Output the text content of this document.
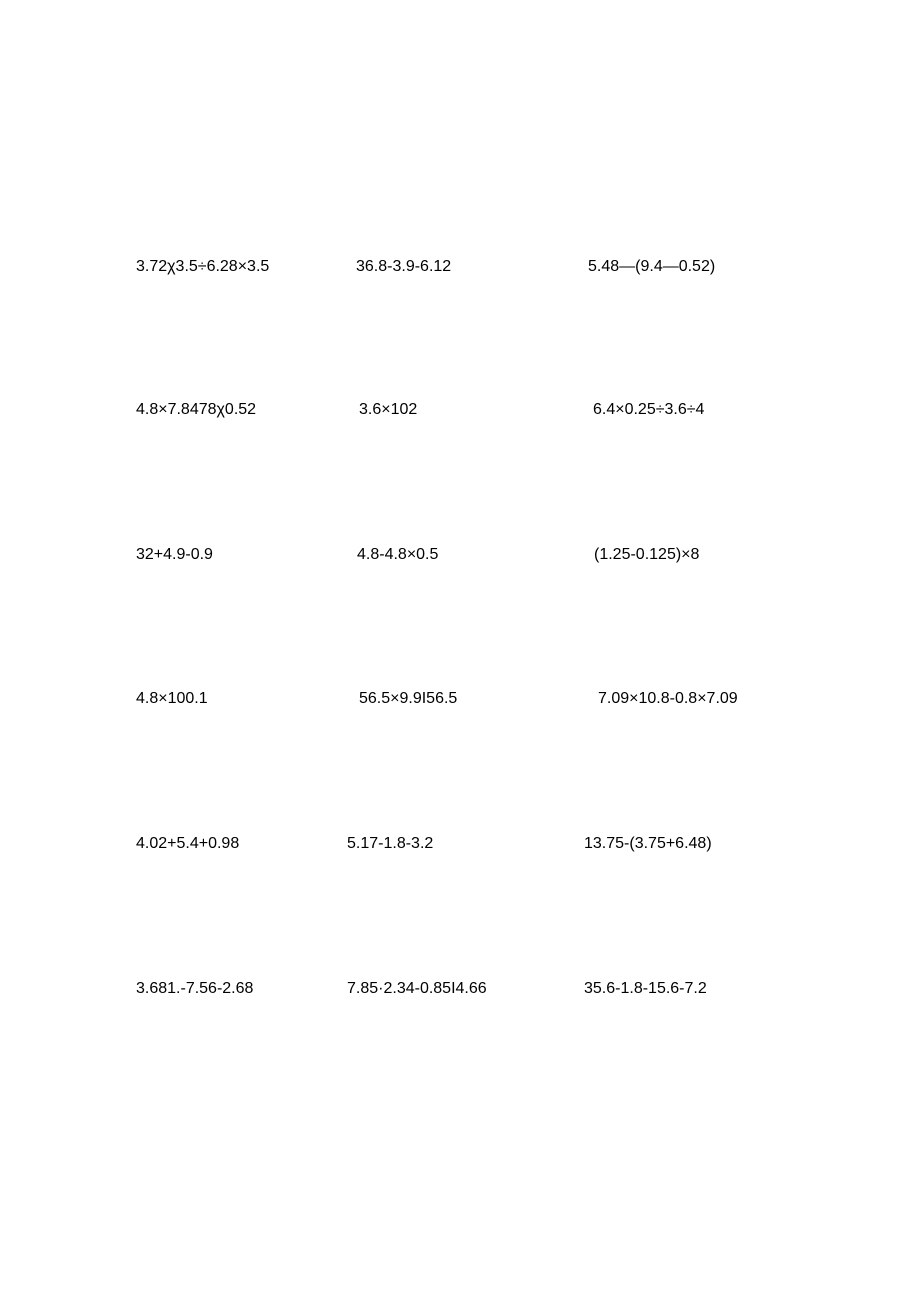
3.72χ3.5÷6.28×3.5	36.8-3.9-6.12	5.48—(9.4—0.52)
4.8×7.8478χ0.52	3.6×102	6.4×0.25÷3.6÷4
32+4.9-0.9	4.8-4.8×0.5	(1.25-0.125)×8
4.8×100.1	56.5×9.9I56.5	7.09×10.8-0.8×7.09
4.02+5.4+0.98	5.17-1.8-3.2	13.75-(3.75+6.48)
3.681.-7.56-2.68	7.85·2.34-0.85I4.66	35.6-1.8-15.6-7.2
